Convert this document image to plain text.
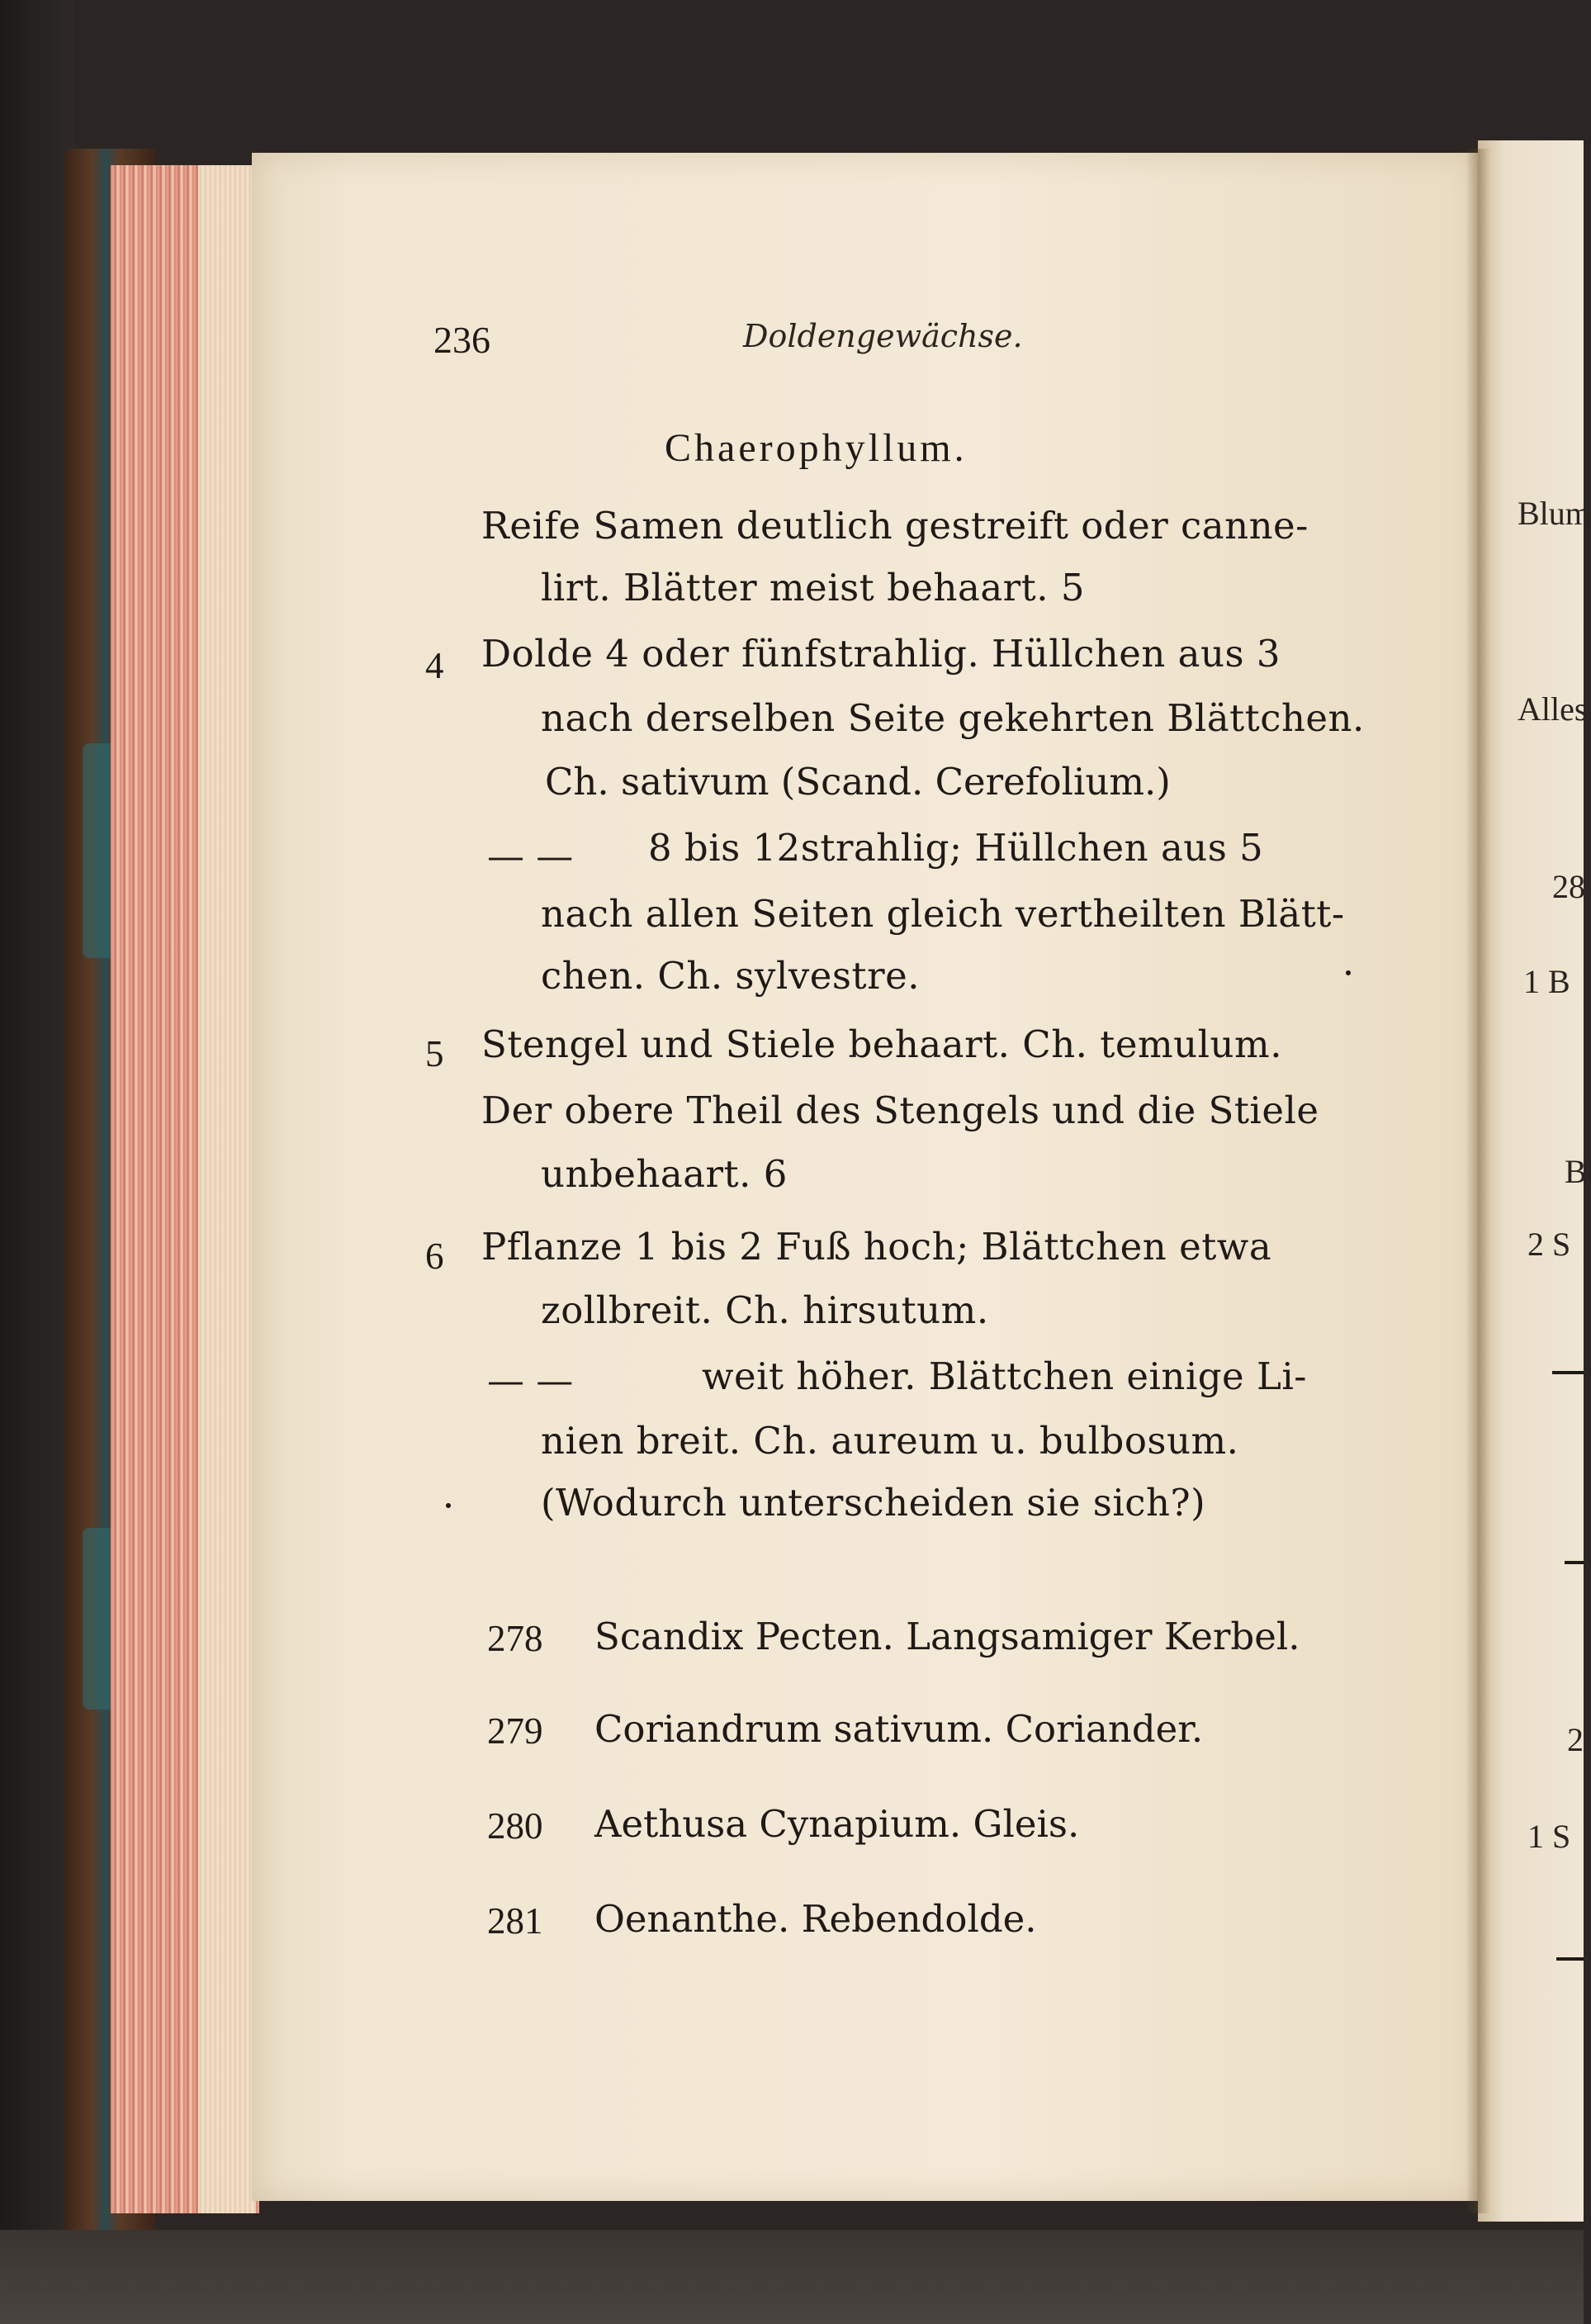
236	Doldengewächse.
Chaerophyllum.
Reife Samen deutlich gestreift oder canne-
lirt. Blätter meist behaart. 5
4 Dolde 4 oder fünfstrahlig. Hüllchen aus 3
nach derselben Seite gekehrten Blättchen.
Ch. sativum (Scand. Cerefolium.)
— — 8 bis 12strahlig; Hüllchen aus 5
nach allen Seiten gleich vertheilten Blätt-
chen. Ch. sylvestre.
5 Stengel und Stiele behaart. Ch. temulum.
Der obere Theil des Stengels und die Stiele
unbehaart. 6
6 Pflanze 1 bis 2 Fuß hoch; Blättchen etwa
zollbreit. Ch. hirsutum.
— —	weit höher. Blättchen einige Li-
nien breit. Ch. aureum u. bulbosum.
(Wodurch unterscheiden sie sich?)
278 Scandix Pecten. Langsamiger Kerbel.
279 Coriandrum sativum. Coriander.
280 Aethusa Cynapium. Gleis.
281 Oenanthe. Rebendolde.
Blum
Alles
28
1 B
B
2 S
2
1 S
